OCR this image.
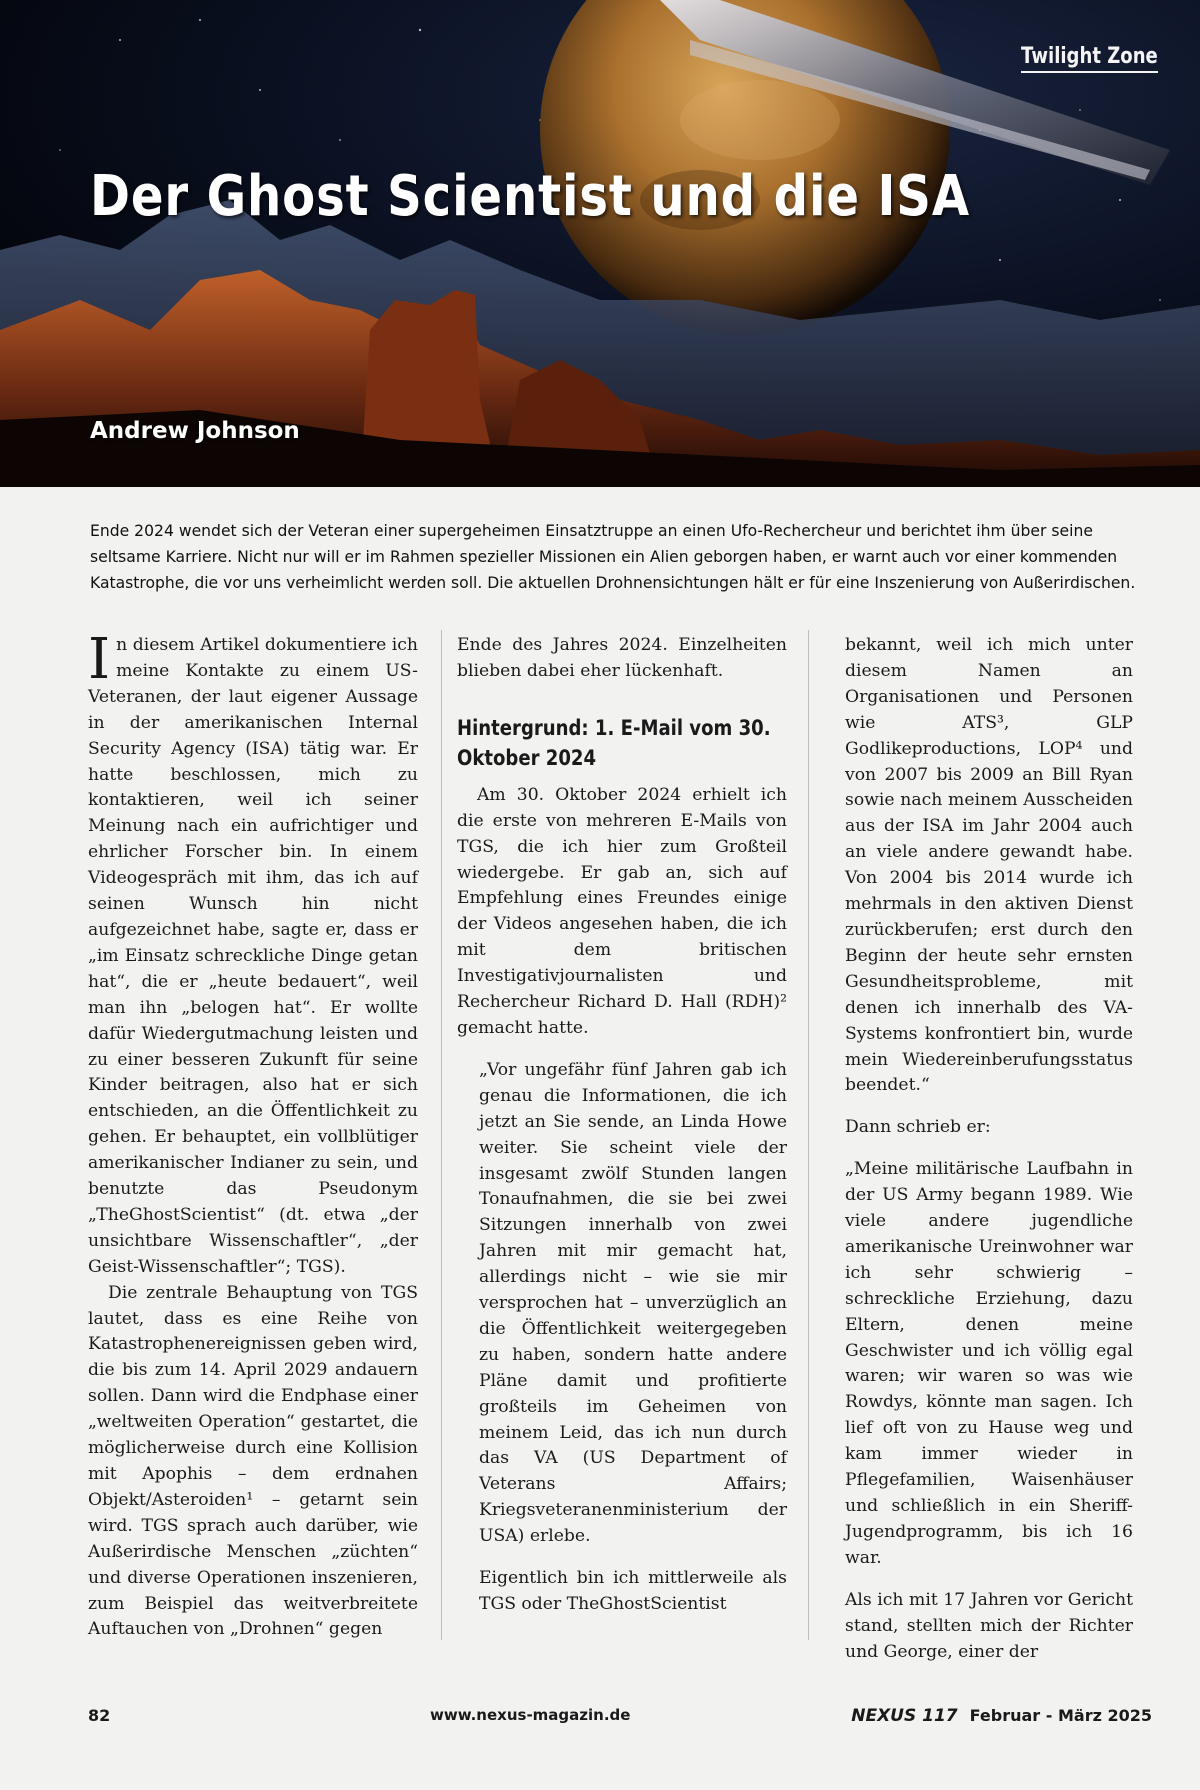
Twilight Zone
Der Ghost Scientist und die ISA
Andrew Johnson

Ende 2024 wendet sich der Veteran einer supergeheimen Einsatztruppe an einen Ufo-Rechercheur und berichtet ihm über seine seltsame Karriere. Nicht nur will er im Rahmen spezieller Missionen ein Alien geborgen haben, er warnt auch vor einer kommenden Katastrophe, die vor uns verheimlicht werden soll. Die aktuellen Drohnensichtungen hält er für eine Inszenierung von Außerirdischen.

In diesem Artikel dokumentiere ich meine Kontakte zu einem US-Veteranen, der laut eigener Aussage in der amerikanischen Internal Security Agency (ISA) tätig war. Er hatte beschlossen, mich zu kontaktieren, weil ich seiner Meinung nach ein aufrichtiger und ehrlicher Forscher bin. In einem Videogespräch mit ihm, das ich auf seinen Wunsch hin nicht aufgezeichnet habe, sagte er, dass er „im Einsatz schreckliche Dinge getan hat“, die er „heute bedauert“, weil man ihn „belogen hat“. Er wollte dafür Wiedergutmachung leisten und zu einer besseren Zukunft für seine Kinder beitragen, also hat er sich entschieden, an die Öffentlichkeit zu gehen. Er behauptet, ein vollblütiger amerikanischer Indianer zu sein, und benutzte das Pseudonym „TheGhostScientist“ (dt. etwa „der unsichtbare Wissenschaftler“, „der Geist-Wissenschaftler“; TGS).

Die zentrale Behauptung von TGS lautet, dass es eine Reihe von Katastrophenereignissen geben wird, die bis zum 14. April 2029 andauern sollen. Dann wird die Endphase einer „weltweiten Operation“ gestartet, die möglicherweise durch eine Kollision mit Apophis – dem erdnahen Objekt/Asteroiden¹ – getarnt sein wird. TGS sprach auch darüber, wie Außerirdische Menschen „züchten“ und diverse Operationen inszenieren, zum Beispiel das weitverbreitete Auftauchen von „Drohnen“ gegen

Ende des Jahres 2024. Einzelheiten blieben dabei eher lückenhaft.

Hintergrund: 1. E-Mail vom 30. Oktober 2024

Am 30. Oktober 2024 erhielt ich die erste von mehreren E-Mails von TGS, die ich hier zum Großteil wiedergebe. Er gab an, sich auf Empfehlung eines Freundes einige der Videos angesehen haben, die ich mit dem britischen Investigativjournalisten und Rechercheur Richard D. Hall (RDH)² gemacht hatte.

„Vor ungefähr fünf Jahren gab ich genau die Informationen, die ich jetzt an Sie sende, an Linda Howe weiter. Sie scheint viele der insgesamt zwölf Stunden langen Tonaufnahmen, die sie bei zwei Sitzungen innerhalb von zwei Jahren mit mir gemacht hat, allerdings nicht – wie sie mir versprochen hat – unverzüglich an die Öffentlichkeit weitergegeben zu haben, sondern hatte andere Pläne damit und profitierte großteils im Geheimen von meinem Leid, das ich nun durch das VA (US Department of Veterans Affairs; Kriegsveteranenministerium der USA) erlebe.

Eigentlich bin ich mittlerweile als TGS oder TheGhostScientist

bekannt, weil ich mich unter diesem Namen an Organisationen und Personen wie ATS³, GLP Godlikeproductions, LOP⁴ und von 2007 bis 2009 an Bill Ryan sowie nach meinem Ausscheiden aus der ISA im Jahr 2004 auch an viele andere gewandt habe. Von 2004 bis 2014 wurde ich mehrmals in den aktiven Dienst zurückberufen; erst durch den Beginn der heute sehr ernsten Gesundheitsprobleme, mit denen ich innerhalb des VA-Systems konfrontiert bin, wurde mein Wiedereinberufungsstatus beendet.“

Dann schrieb er:

„Meine militärische Laufbahn in der US Army begann 1989. Wie viele andere jugendliche amerikanische Ureinwohner war ich sehr schwierig – schreckliche Erziehung, dazu Eltern, denen meine Geschwister und ich völlig egal waren; wir waren so was wie Rowdys, könnte man sagen. Ich lief oft von zu Hause weg und kam immer wieder in Pflegefamilien, Waisenhäuser und schließlich in ein Sheriff-Jugendprogramm, bis ich 16 war.

Als ich mit 17 Jahren vor Gericht stand, stellten mich der Richter und George, einer der

82	www.nexus-magazin.de	NEXUS 117 Februar - März 2025
